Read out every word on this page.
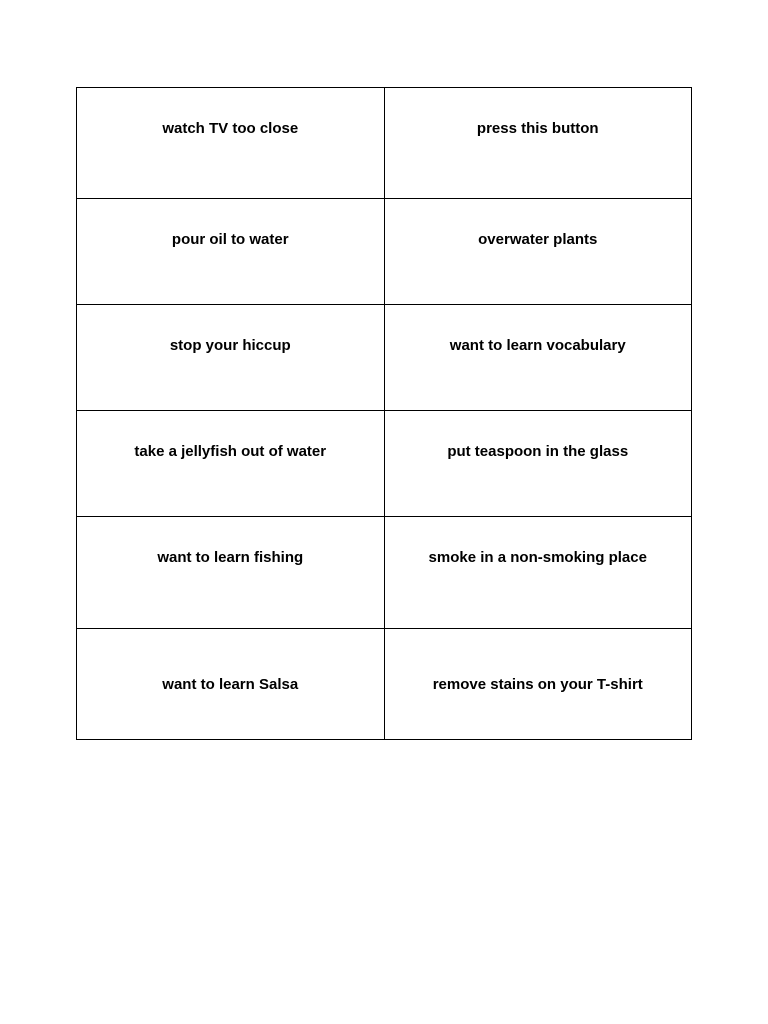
watch TV too close	press this button

pour oil to water	overwater plants

stop your hiccup	want to learn vocabulary

take a jellyfish out of water	put teaspoon in the glass

want to learn fishing	smoke in a non-smoking place

want to learn Salsa	remove stains on your T-shirt
